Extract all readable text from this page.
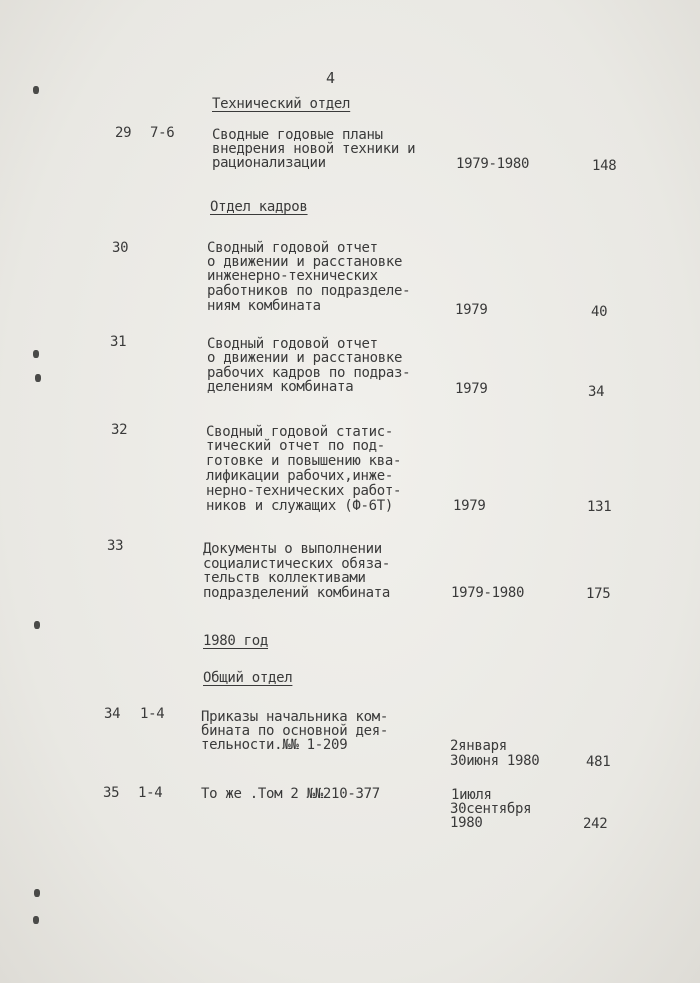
4
Технический отдел
29 7-6	Сводные годовые планы
внедрения новой техники и
рационализации	1979-1980	148
Отдел кадров
30	Сводный годовой отчет
о движении и расстановке
инженерно-технических
работников по подразделе-
ниям комбината	1979	40
31	Сводный годовой отчет
о движении и расстановке
рабочих кадров по подраз-
делениям комбината	1979	34
32	Сводный годовой статис-
тический отчет по под-
готовке и повышению ква-
лификации рабочих,инже-
нерно-технических работ-
ников и служащих (Ф-6Т)	1979	131
33	Документы о выполнении
социалистических обяза-
тельств коллективами
подразделений комбината	1979-1980	175
1980 год
Общий отдел
34 1-4	Приказы начальника ком-
бината по основной дея-
тельности.№№ 1-209	2января
30июня 1980	481
35 1-4	То же .Том 2 №№210-377	1июля
30сентября
1980	242
